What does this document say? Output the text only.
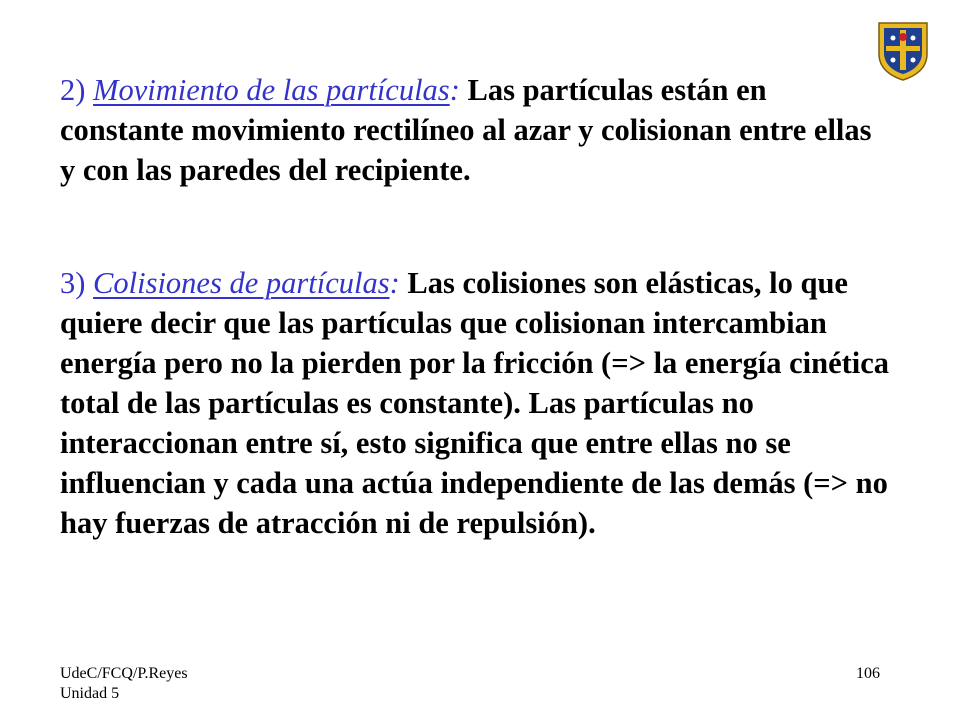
2) Movimiento de las partículas: Las partículas están en constante movimiento rectilíneo al azar y colisionan entre ellas y con las paredes del recipiente.

3) Colisiones de partículas: Las colisiones son elásticas, lo que quiere decir que las partículas que colisionan intercambian energía pero no la pierden por la fricción (=> la energía cinética total de las partículas es constante). Las partículas no interaccionan entre sí, esto significa que entre ellas no se influencian y cada una actúa independiente de las demás (=> no hay fuerzas de atracción ni de repulsión).

UdeC/FCQ/P.Reyes
Unidad 5
106
